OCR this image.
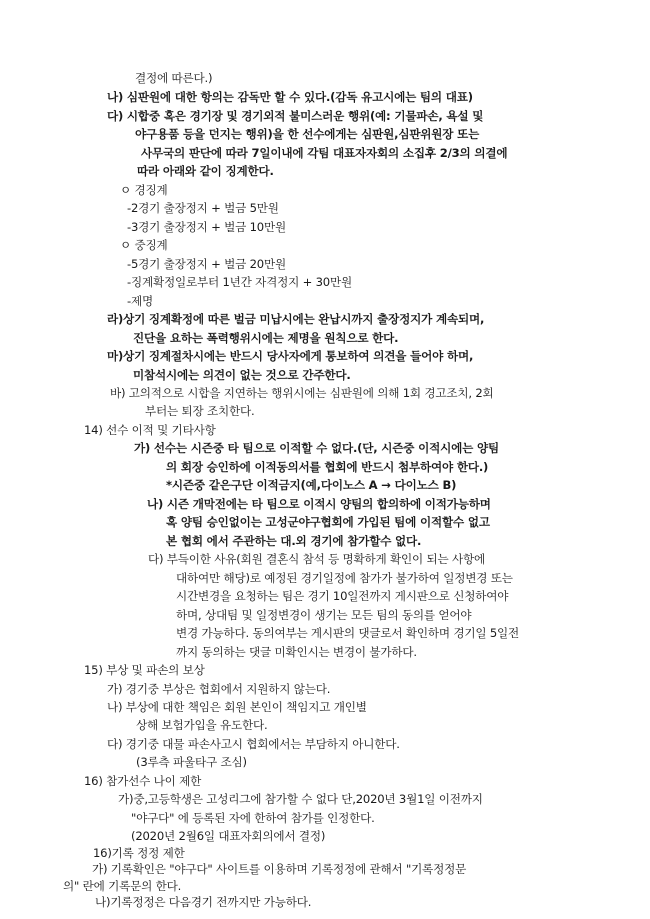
결정에 따른다.)
나) 심판원에 대한 항의는 감독만 할 수 있다.(감독 유고시에는 팀의 대표)
다) 시합중 혹은 경기장 및 경기외적 불미스러운 행위(예: 기물파손, 욕설 및
야구용품 등을 던지는 행위)을 한 선수에게는 심판원,심판위원장 또는
사무국의 판단에 따라 7일이내에 각팀 대표자자회의 소집후 2/3의 의결에
따라 아래와 같이 징계한다.
ㅇ 경징계
-2경기 출장정지 + 벌금 5만원
-3경기 출장정지 + 벌금 10만원
ㅇ 중징계
-5경기 출장정지 + 벌금 20만원
-징계확정일로부터 1년간 자격정지 + 30만원
-제명
라)상기 징계확정에 따른 벌금 미납시에는 완납시까지 출장정지가 계속되며,
진단을 요하는 폭력행위시에는 제명을 원칙으로 한다.
마)상기 징계절차시에는 반드시 당사자에게 통보하여 의견을 들어야 하며,
미참석시에는 의견이 없는 것으로 간주한다.
바) 고의적으로 시합을 지연하는 행위시에는 심판원에 의해 1회 경고조치, 2회
부터는 퇴장 조치한다.
14) 선수 이적 및 기타사항
가) 선수는 시즌중 타 팀으로 이적할 수 없다.(단, 시즌중 이적시에는 양팀
의 회장 승인하에 이적동의서를 협회에 반드시 첨부하여야 한다.)
*시즌중 같은구단 이적금지(예,다이노스 A → 다이노스 B)
나) 시즌 개막전에는 타 팀으로 이적시 양팀의 합의하에 이적가능하며
혹 양팀 승인없이는 고성군야구협회에 가입된 팀에 이적할수 없고
본 협회 에서 주관하는 대.외 경기에 참가할수 없다.
다) 부득이한 사유(회원 결혼식 참석 등 명확하게 확인이 되는 사항에
대하여만 해당)로 예정된 경기일정에 참가가 불가하여 일정변경 또는
시간변경을 요청하는 팀은 경기 10일전까지 게시판으로 신청하여야
하며, 상대팀 및 일정변경이 생기는 모든 팀의 동의를 얻어야
변경 가능하다. 동의여부는 게시판의 댓글로서 확인하며 경기일 5일전
까지 동의하는 댓글 미확인시는 변경이 불가하다.
15) 부상 및 파손의 보상
가) 경기중 부상은 협회에서 지원하지 않는다.
나) 부상에 대한 책임은 회원 본인이 책임지고 개인별
상해 보험가입을 유도한다.
다) 경기중 대물 파손사고시 협회에서는 부담하지 아니한다.
(3루측 파울타구 조심)
16) 참가선수 나이 제한
가)중,고등학생은 고성리그에 참가할 수 없다 단,2020년 3월1일 이전까지
"야구다" 에 등록된 자에 한하여 참가를 인정한다.
(2020년 2월6일 대표자회의에서 결정)
16)기록 정정 제한
가) 기록확인은 "야구다" 사이트를 이용하며 기록정정에 관해서 "기록정정문
의" 란에 기록문의 한다.
나)기록정정은 다음경기 전까지만 가능하다.
